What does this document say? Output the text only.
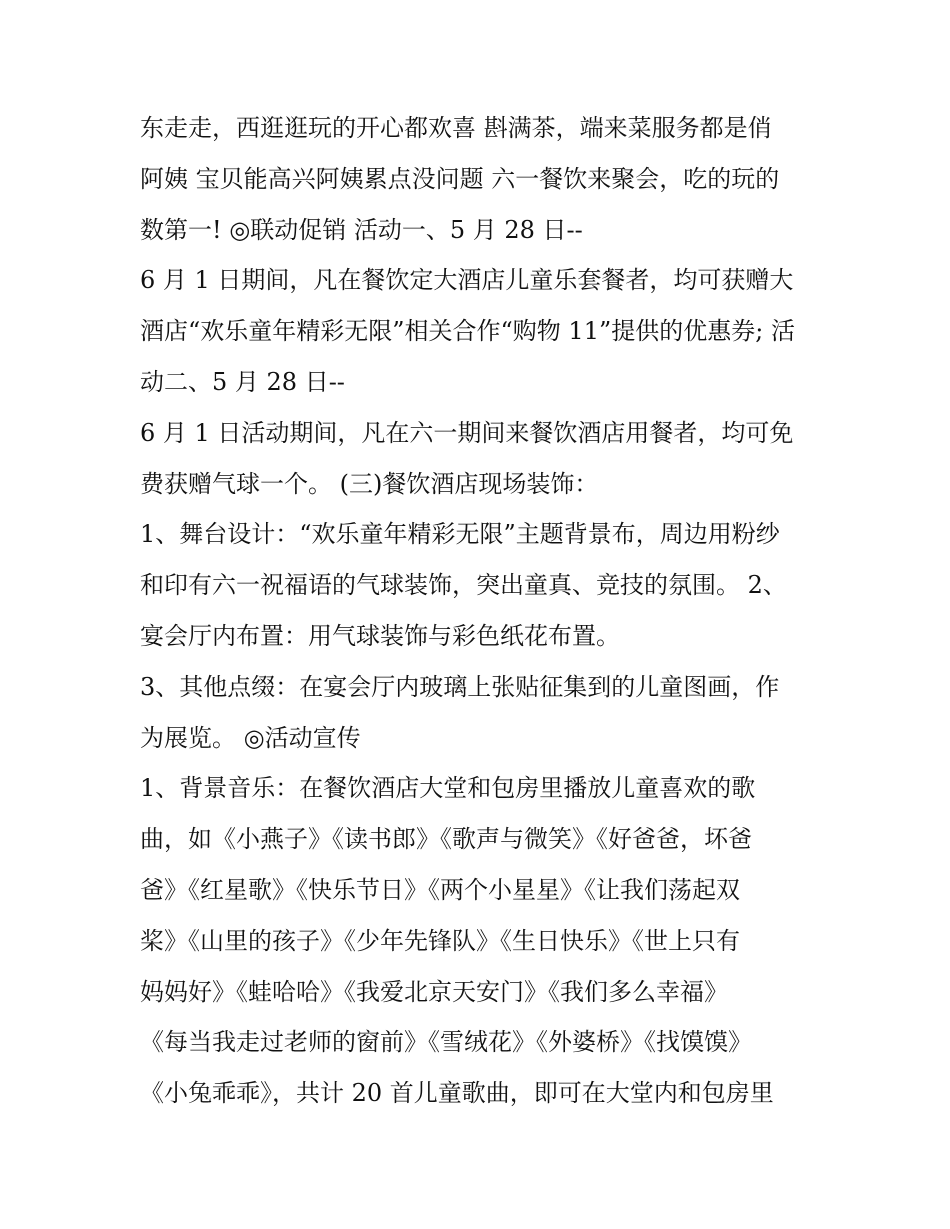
东走走，西逛逛玩的开心都欢喜 斟满茶，端来菜服务都是俏
阿姨 宝贝能高兴阿姨累点没问题 六一餐饮来聚会，吃的玩的
数第一! ◎联动促销 活动一、5 月 28 日--
6 月 1 日期间，凡在餐饮定大酒店儿童乐套餐者，均可获赠大
酒店“欢乐童年精彩无限”相关合作“购物 11”提供的优惠券; 活
动二、5 月 28 日--
6 月 1 日活动期间，凡在六一期间来餐饮酒店用餐者，均可免
费获赠气球一个。 (三)餐饮酒店现场装饰：
1、舞台设计：“欢乐童年精彩无限”主题背景布，周边用粉纱
和印有六一祝福语的气球装饰，突出童真、竞技的氛围。 2、
宴会厅内布置：用气球装饰与彩色纸花布置。
3、其他点缀：在宴会厅内玻璃上张贴征集到的儿童图画，作
为展览。 ◎活动宣传
1、背景音乐：在餐饮酒店大堂和包房里播放儿童喜欢的歌
曲，如《小燕子》《读书郎》《歌声与微笑》《好爸爸，坏爸
爸》《红星歌》《快乐节日》《两个小星星》《让我们荡起双
桨》《山里的孩子》《少年先锋队》《生日快乐》《世上只有
妈妈好》《蛙哈哈》《我爱北京天安门》《我们多么幸福》
《每当我走过老师的窗前》《雪绒花》《外婆桥》《找馍馍》
《小兔乖乖》，共计 20 首儿童歌曲，即可在大堂内和包房里
